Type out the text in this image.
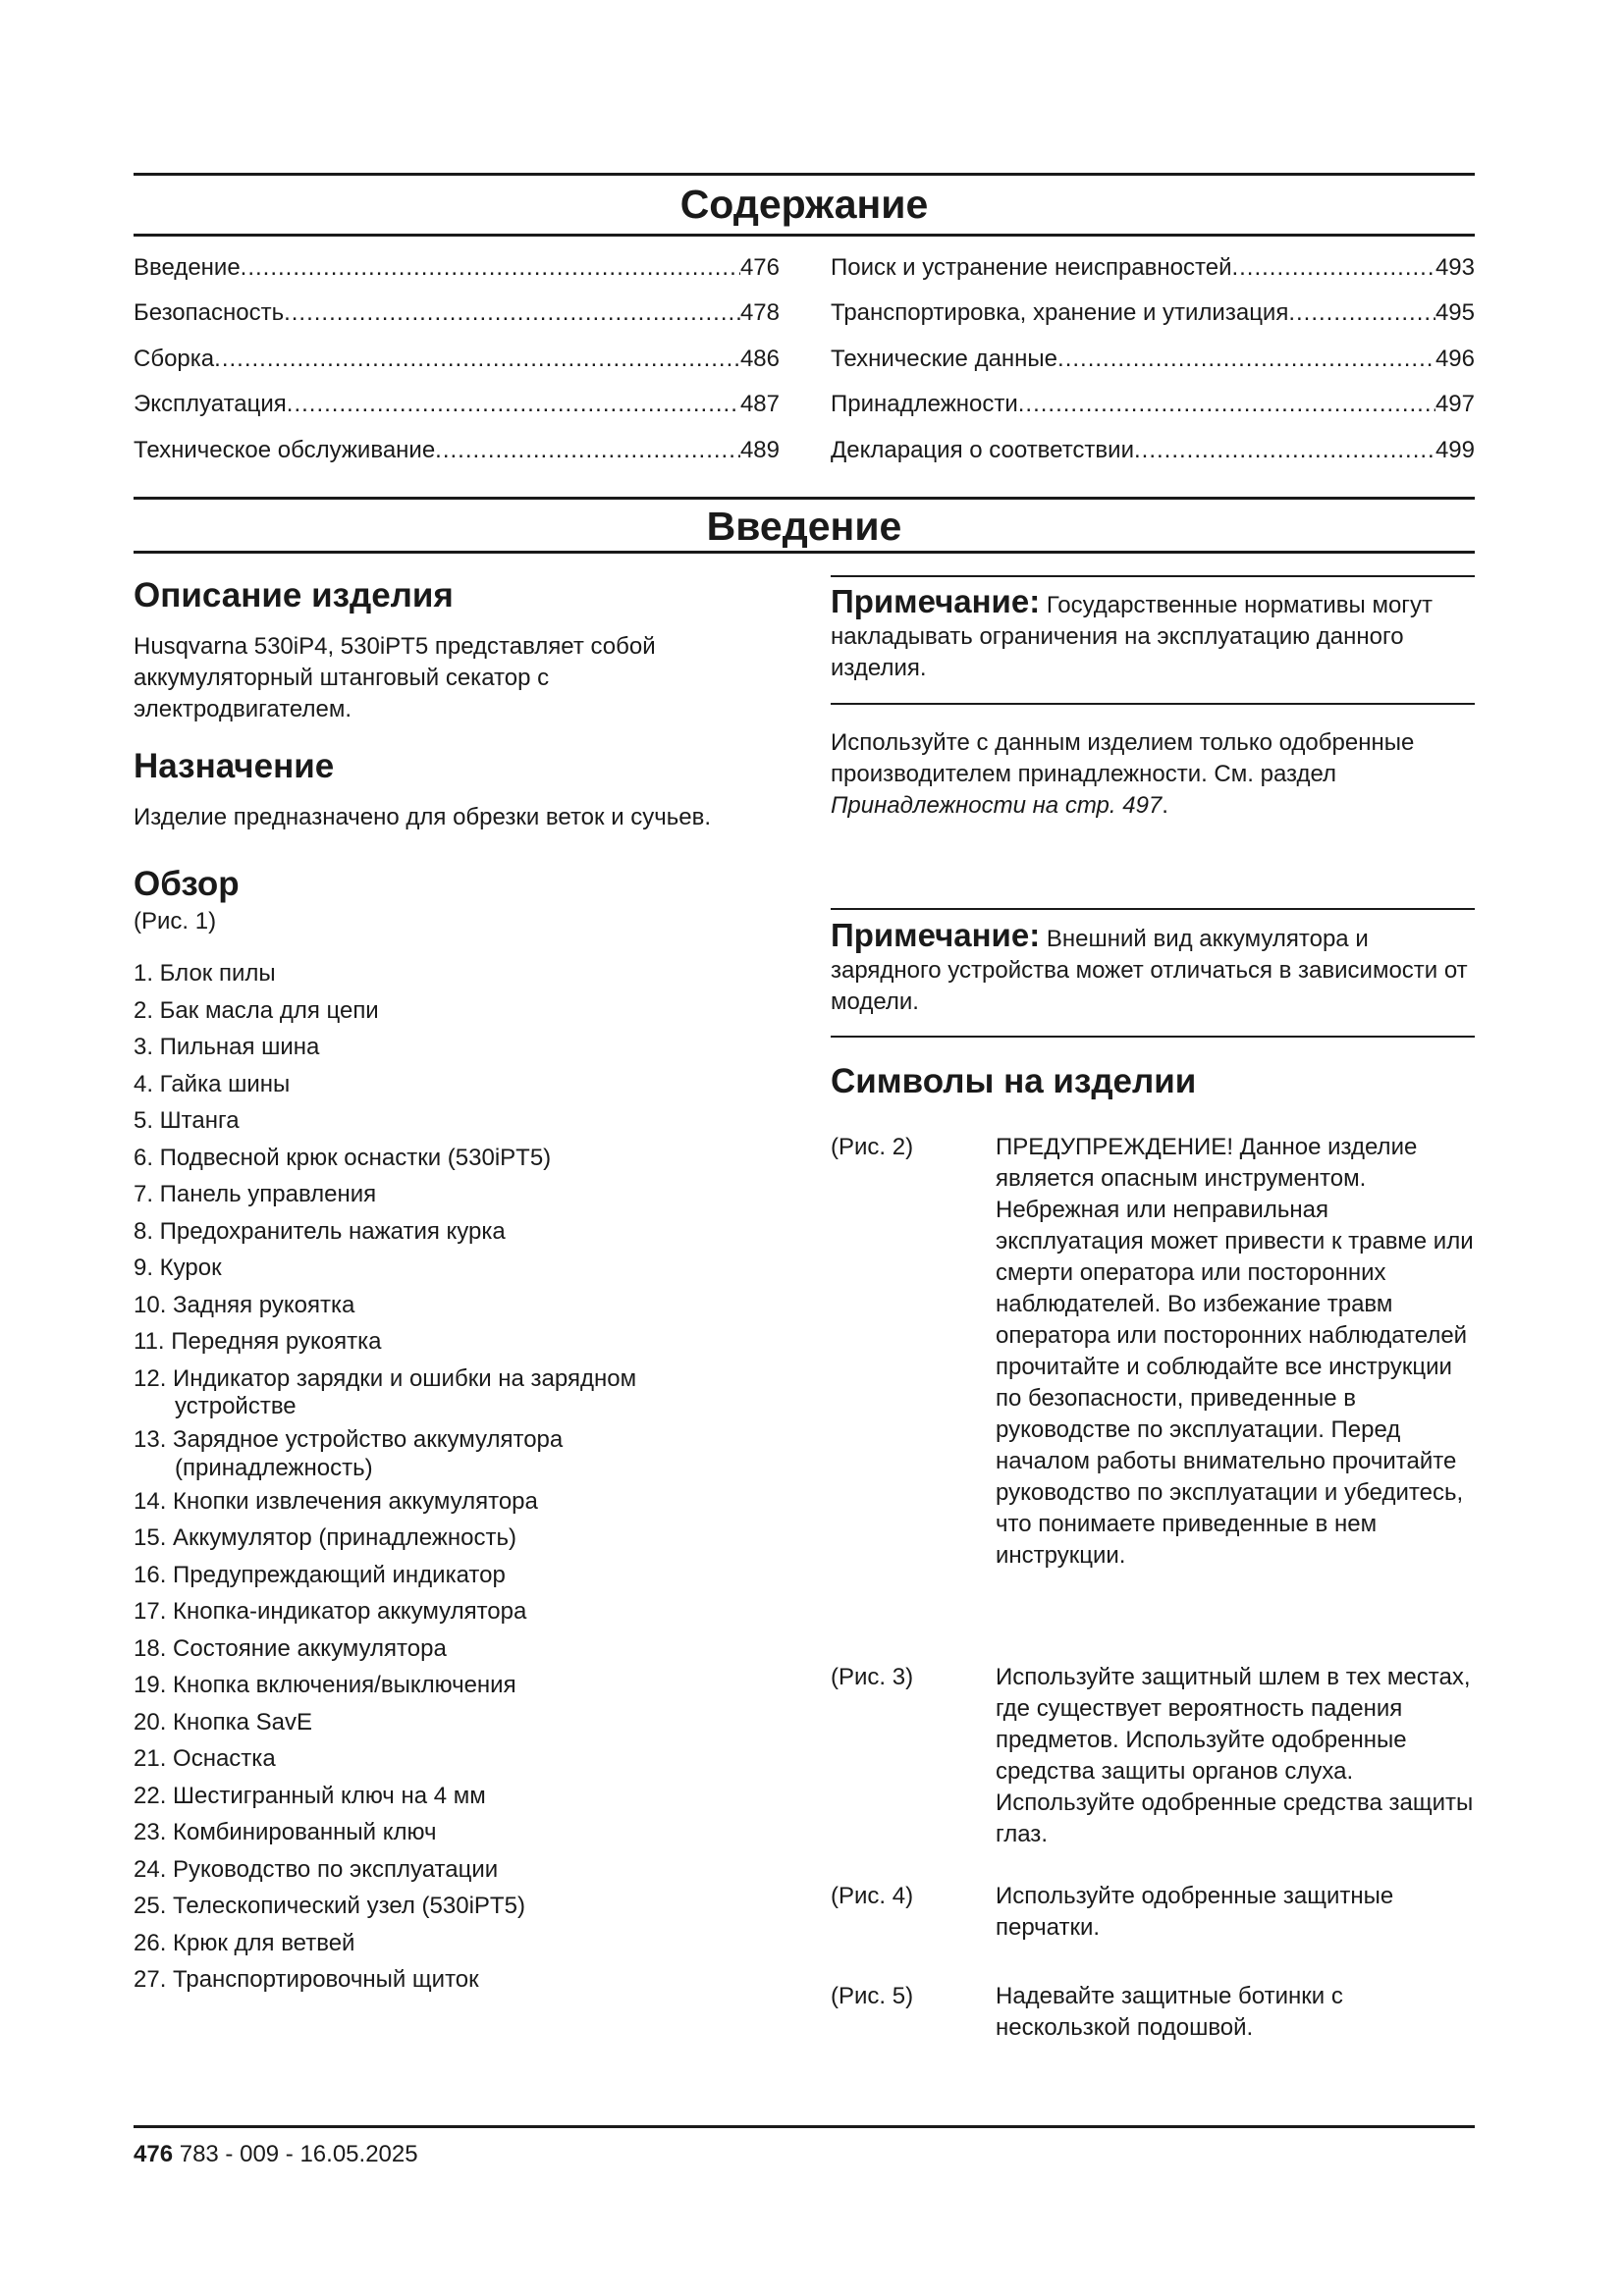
Содержание
Введение .....	476
Безопасность .....	478
Сборка .....	486
Эксплуатация .....	487
Техническое обслуживание .....	489
Поиск и устранение неисправностей .....	493
Транспортировка, хранение и утилизация .....	495
Технические данные .....	496
Принадлежности .....	497
Декларация о соответствии .....	499
Введение
Описание изделия

Husqvarna 530iP4, 530iPT5 представляет собой аккумуляторный штанговый секатор с электродвигателем.

Назначение

Изделие предназначено для обрезки веток и сучьев.

Обзор

(Рис. 1)

1. Блок пилы
2. Бак масла для цепи
3. Пильная шина
4. Гайка шины
5. Штанга
6. Подвесной крюк оснастки (530iPT5)
7. Панель управления
8. Предохранитель нажатия курка
9. Курок
10. Задняя рукоятка
11. Передняя рукоятка
12. Индикатор зарядки и ошибки на зарядном
устройстве
13. Зарядное устройство аккумулятора
(принадлежность)
14. Кнопки извлечения аккумулятора
15. Аккумулятор (принадлежность)
16. Предупреждающий индикатор
17. Кнопка-индикатор аккумулятора
18. Состояние аккумулятора
19. Кнопка включения/выключения
20. Кнопка SavE
21. Оснастка
22. Шестигранный ключ на 4 мм
23. Комбинированный ключ
24. Руководство по эксплуатации
25. Телескопический узел (530iPT5)
26. Крюк для ветвей
27. Транспортировочный щиток

Примечание: Государственные нормативы могут накладывать ограничения на эксплуатацию данного изделия.

Используйте с данным изделием только одобренные производителем принадлежности. См. раздел Принадлежности на стр. 497.

Примечание: Внешний вид аккумулятора и зарядного устройства может отличаться в зависимости от модели.

Символы на изделии
(Рис. 2)	ПРЕДУПРЕЖДЕНИЕ! Данное изделие является опасным инструментом. Небрежная или неправильная эксплуатация может привести к травме или смерти оператора или посторонних наблюдателей. Во избежание травм оператора или посторонних наблюдателей прочитайте и соблюдайте все инструкции по безопасности, приведенные в руководстве по эксплуатации. Перед началом работы внимательно прочитайте руководство по эксплуатации и убедитесь, что понимаете приведенные в нем инструкции.
(Рис. 3)	Используйте защитный шлем в тех местах, где существует вероятность падения предметов. Используйте одобренные средства защиты органов слуха. Используйте одобренные средства защиты глаз.
(Рис. 4)	Используйте одобренные защитные перчатки.
(Рис. 5)	Надевайте защитные ботинки с нескользкой подошвой.
476 783 - 009 - 16.05.2025
